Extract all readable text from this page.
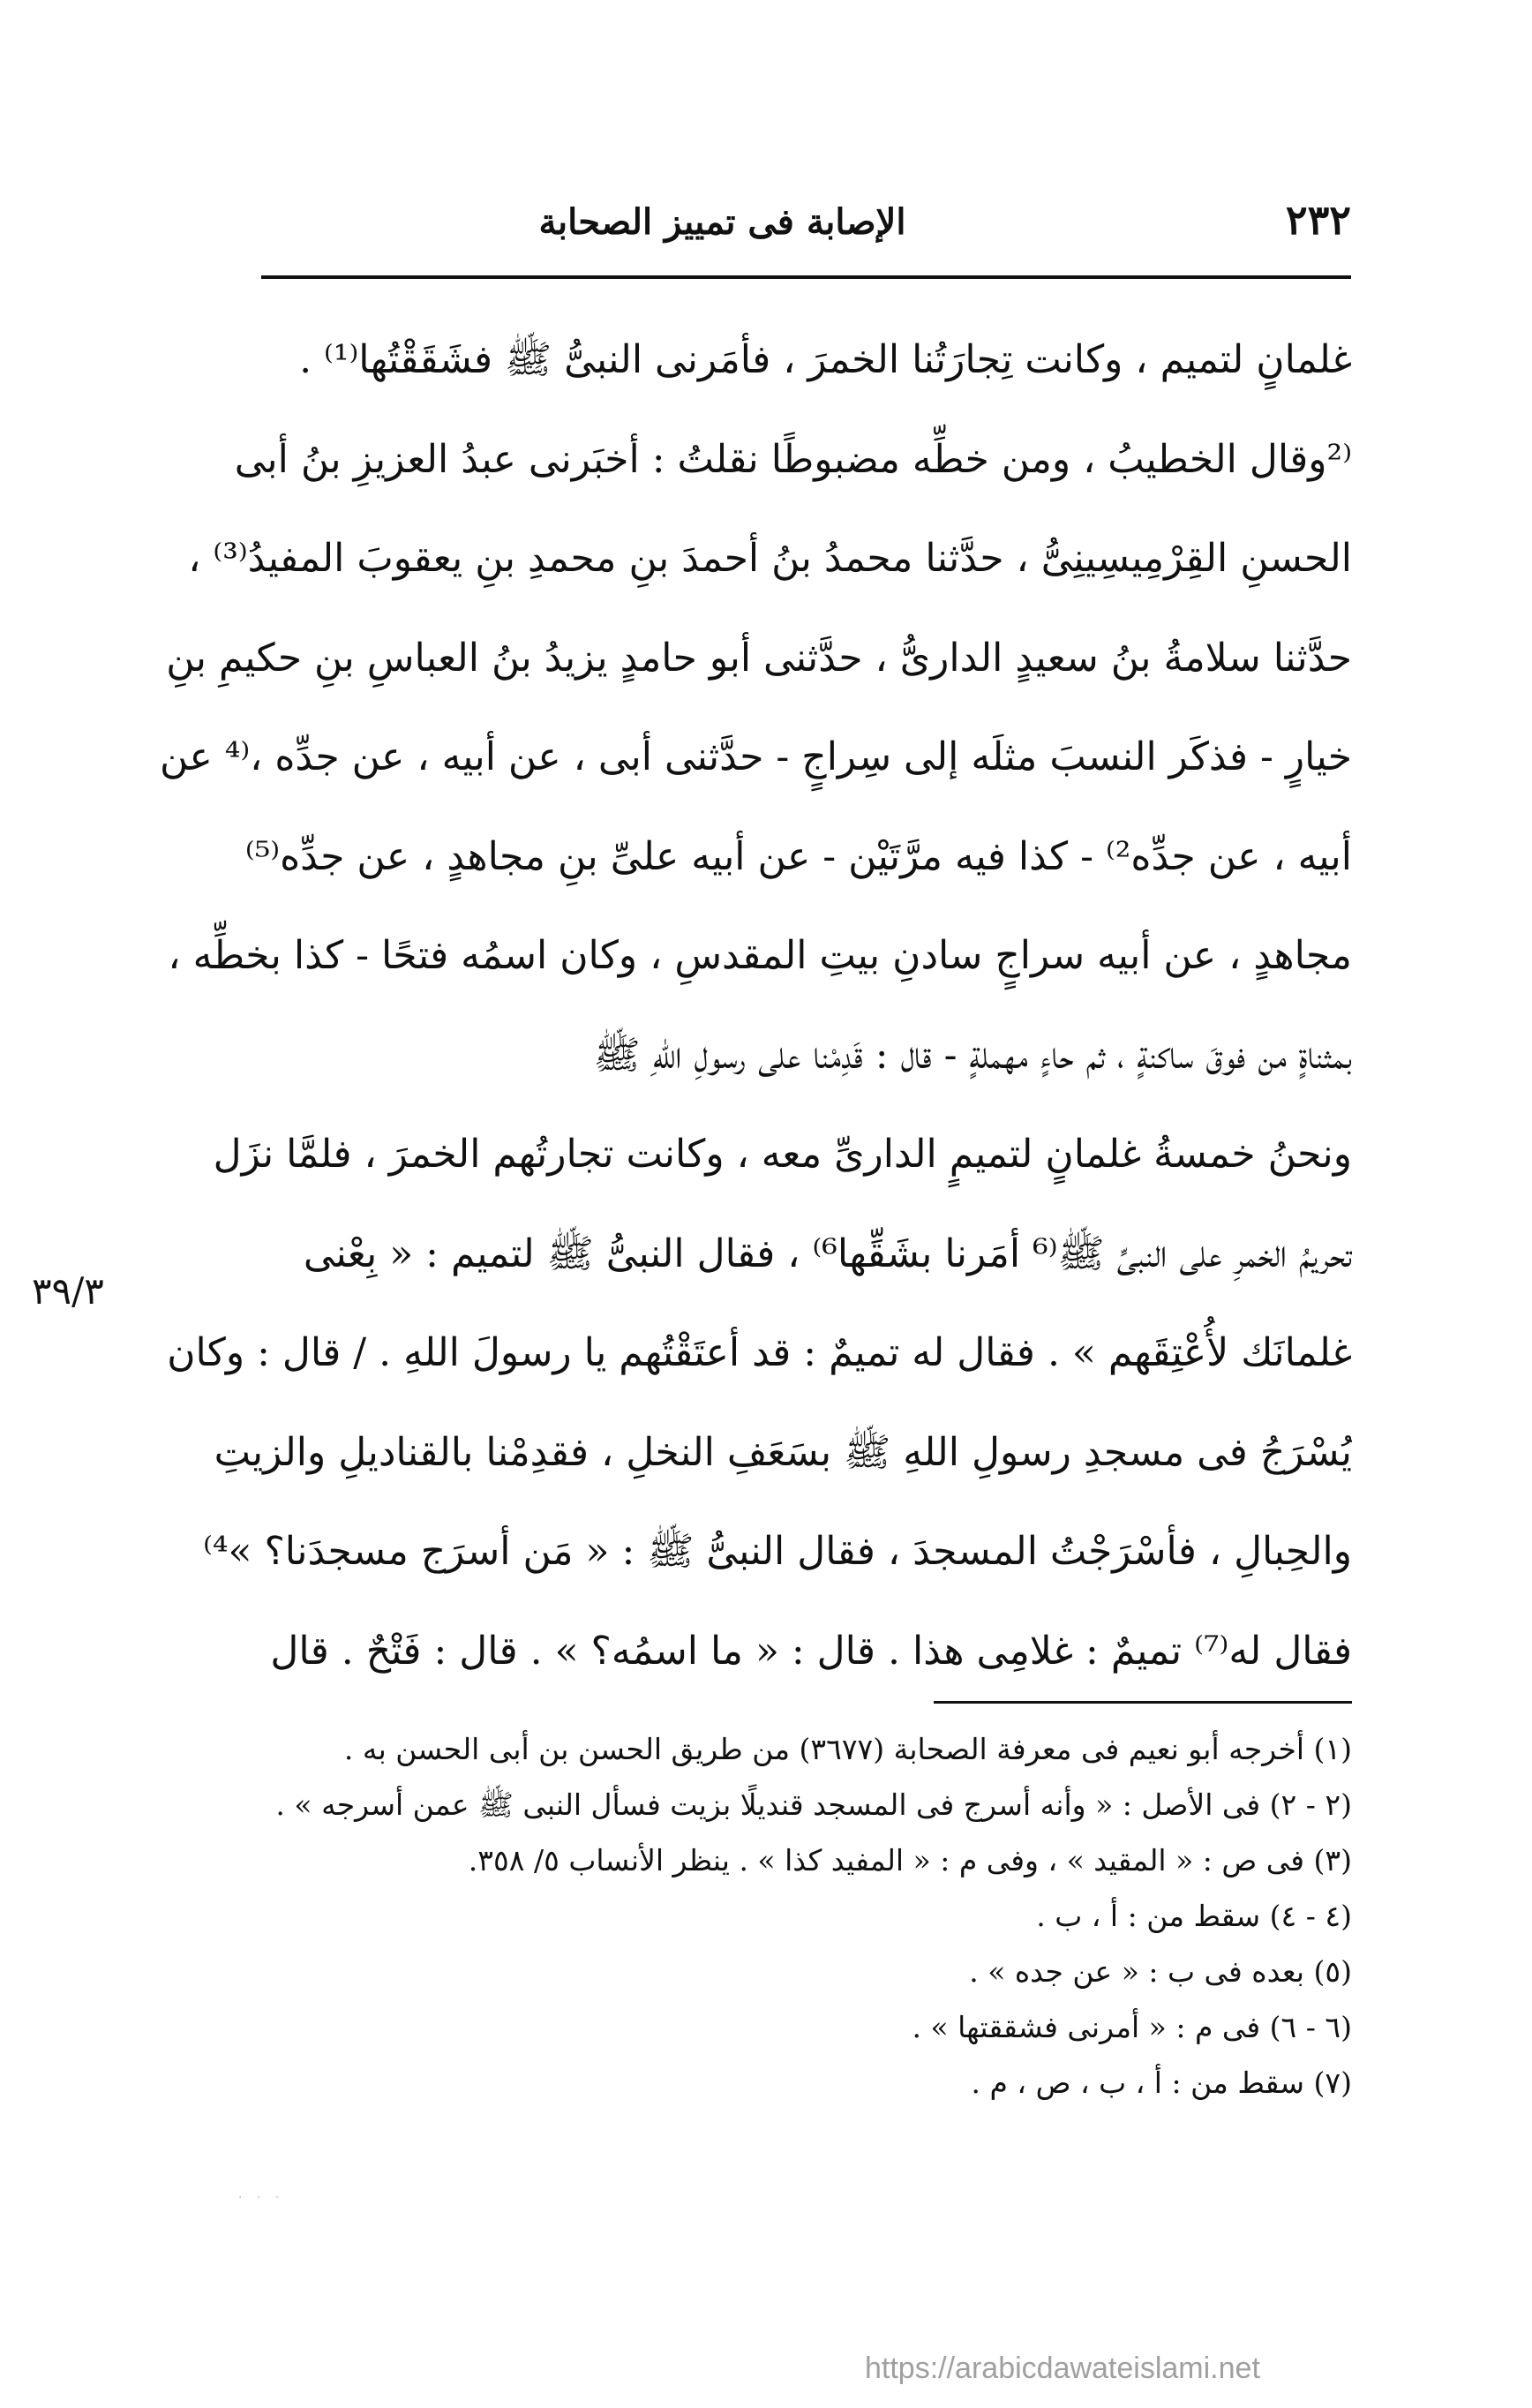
٢٣٢
الإصابة فى تمييز الصحابة
غلمانٍ لتميم ، وكانت تِجارَتُنا الخمرَ ، فأمَرنى النبىُّ ﷺ فشَقَقْتُها⁽¹⁾ .
⁽²وقال الخطيبُ ، ومن خطِّه مضبوطًا نقلتُ : أخبَرنى عبدُ العزيزِ بنُ أبى
الحسنِ القِرْمِيسِينِىُّ ، حدَّثنا محمدُ بنُ أحمدَ بنِ محمدِ بنِ يعقوبَ المفيدُ⁽³⁾ ،
حدَّثنا سلامةُ بنُ سعيدٍ الدارىُّ ، حدَّثنى أبو حامدٍ يزيدُ بنُ العباسِ بنِ حكيمِ بنِ
خيارٍ - فذكَر النسبَ مثلَه إلى سِراجٍ - حدَّثنى أبى ، عن أبيه ، عن جدِّه ،⁽⁴ عن
أبيه ، عن جدِّه²⁾ - كذا فيه مرَّتَيْن - عن أبيه علىِّ بنِ مجاهدٍ ، عن جدِّه⁽⁵⁾
مجاهدٍ ، عن أبيه سراجٍ سادنِ بيتِ المقدسِ ، وكان اسمُه فتحًا - كذا بخطِّه ،
بمثناةٍ من فوقَ ساكنةٍ ، ثم حاءٍ مهملةٍ - قال : قَدِمْنا على رسولِ اللهِ ﷺ
ونحنُ خمسةُ غلمانٍ لتميمٍ الدارىِّ معه ، وكانت تجارتُهم الخمرَ ، فلمَّا نزَل
تحريمُ الخمرِ على النبىِّ ﷺ⁽⁶ أمَرنا بشَقِّها⁶⁾ ، فقال النبىُّ ﷺ لتميم : « بِعْنى
غلمانَك لأُعْتِقَهم » . فقال له تميمٌ : قد أعتَقْتُهم يا رسولَ اللهِ . / قال : وكان
يُسْرَجُ فى مسجدِ رسولِ اللهِ ﷺ بسَعَفِ النخلِ ، فقدِمْنا بالقناديلِ والزيتِ
والحِبالِ ، فأسْرَجْتُ المسجدَ ، فقال النبىُّ ﷺ : « مَن أسرَج مسجدَنا؟ »⁴⁾
فقال له⁽⁷⁾ تميمٌ : غلامِى هذا . قال : « ما اسمُه؟ » . قال : فَتْحٌ . قال
٣٩/٣
(١) أخرجه أبو نعيم فى معرفة الصحابة (٣٦٧٧) من طريق الحسن بن أبى الحسن به .
(٢ - ٢) فى الأصل : « وأنه أسرج فى المسجد قنديلًا بزيت فسأل النبى ﷺ عمن أسرجه » .
(٣) فى ص : « المقيد » ، وفى م : « المفيد كذا » . ينظر الأنساب ٥/ ٣٥٨.
(٤ - ٤) سقط من : أ ، ب .
(٥) بعده فى ب : « عن جده » .
(٦ - ٦) فى م : « أمرنى فشققتها » .
(٧) سقط من : أ ، ب ، ص ، م .
· · ·
https://arabicdawateislami.net
